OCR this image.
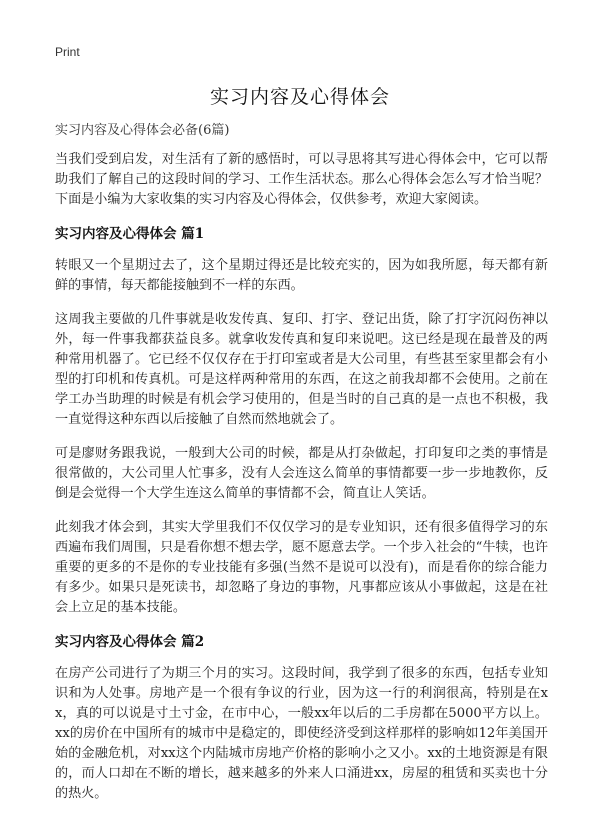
Print
实习内容及心得体会
实习内容及心得体会必备(6篇)

当我们受到启发，对生活有了新的感悟时，可以寻思将其写进心得体会中，它可以帮助我们了解自己的这段时间的学习、工作生活状态。那么心得体会怎么写才恰当呢？下面是小编为大家收集的实习内容及心得体会，仅供参考，欢迎大家阅读。

实习内容及心得体会 篇1

转眼又一个星期过去了，这个星期过得还是比较充实的，因为如我所愿，每天都有新鲜的事情，每天都能接触到不一样的东西。

这周我主要做的几件事就是收发传真、复印、打字、登记出货，除了打字沉闷伤神以外，每一件事我都获益良多。就拿收发传真和复印来说吧。这已经是现在最普及的两种常用机器了。它已经不仅仅存在于打印室或者是大公司里，有些甚至家里都会有小型的打印机和传真机。可是这样两种常用的东西，在这之前我却都不会使用。之前在学工办当助理的时候是有机会学习使用的，但是当时的自己真的是一点也不积极，我一直觉得这种东西以后接触了自然而然地就会了。

可是廖财务跟我说，一般到大公司的时候，都是从打杂做起，打印复印之类的事情是很常做的，大公司里人忙事多，没有人会连这么简单的事情都要一步一步地教你，反倒是会觉得一个大学生连这么简单的事情都不会，简直让人笑话。

此刻我才体会到，其实大学里我们不仅仅学习的是专业知识，还有很多值得学习的东西遍布我们周围，只是看你想不想去学，愿不愿意去学。一个步入社会的“牛犊，也许重要的更多的不是你的专业技能有多强(当然不是说可以没有)，而是看你的综合能力有多少。如果只是死读书，却忽略了身边的事物，凡事都应该从小事做起，这是在社会上立足的基本技能。

实习内容及心得体会 篇2

在房产公司进行了为期三个月的实习。这段时间，我学到了很多的东西，包括专业知识和为人处事。房地产是一个很有争议的行业，因为这一行的利润很高，特别是在xx，真的可以说是寸土寸金，在市中心，一般xx年以后的二手房都在5000平方以上。xx的房价在中国所有的城市中是稳定的，即使经济受到这样那样的影响如12年美国开始的金融危机，对xx这个内陆城市房地产价格的影响小之又小。xx的土地资源是有限的，而人口却在不断的增长，越来越多的外来人口涌进xx，房屋的租赁和买卖也十分的热火。
